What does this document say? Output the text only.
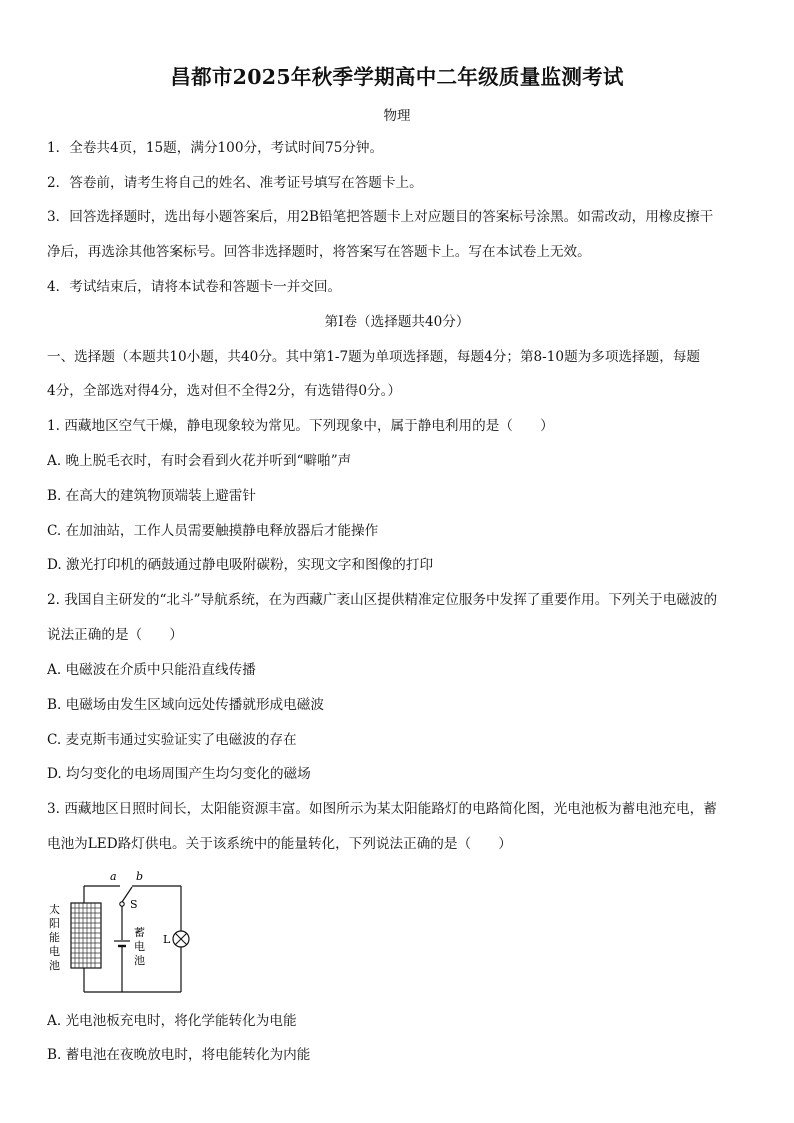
昌都市2025年秋季学期高中二年级质量监测考试
物理
1．全卷共4页，15题，满分100分，考试时间75分钟。
2．答卷前，请考生将自己的姓名、准考证号填写在答题卡上。
3．回答选择题时，选出每小题答案后，用2B铅笔把答题卡上对应题目的答案标号涂黑。如需改动，用橡皮擦干
净后，再选涂其他答案标号。回答非选择题时，将答案写在答题卡上。写在本试卷上无效。
4．考试结束后，请将本试卷和答题卡一并交回。
第Ⅰ卷（选择题共40分）
一、选择题（本题共10小题，共40分。其中第1-7题为单项选择题，每题4分；第8-10题为多项选择题，每题
4分，全部选对得4分，选对但不全得2分，有选错得0分。）
1. 西藏地区空气干燥，静电现象较为常见。下列现象中，属于静电利用的是（　　）
A. 晚上脱毛衣时，有时会看到火花并听到“噼啪”声
B. 在高大的建筑物顶端装上避雷针
C. 在加油站，工作人员需要触摸静电释放器后才能操作
D. 激光打印机的硒鼓通过静电吸附碳粉，实现文字和图像的打印
2. 我国自主研发的“北斗”导航系统，在为西藏广袤山区提供精准定位服务中发挥了重要作用。下列关于电磁波的
说法正确的是（　　）
A. 电磁波在介质中只能沿直线传播
B. 电磁场由发生区域向远处传播就形成电磁波
C. 麦克斯韦通过实验证实了电磁波的存在
D. 均匀变化的电场周围产生均匀变化的磁场
3. 西藏地区日照时间长，太阳能资源丰富。如图所示为某太阳能路灯的电路简化图，光电池板为蓄电池充电，蓄
电池为LED路灯供电。关于该系统中的能量转化，下列说法正确的是（　　）
a b
S
L
太
阳
能
电
池
蓄
电
池
A. 光电池板充电时，将化学能转化为电能
B. 蓄电池在夜晚放电时，将电能转化为内能
